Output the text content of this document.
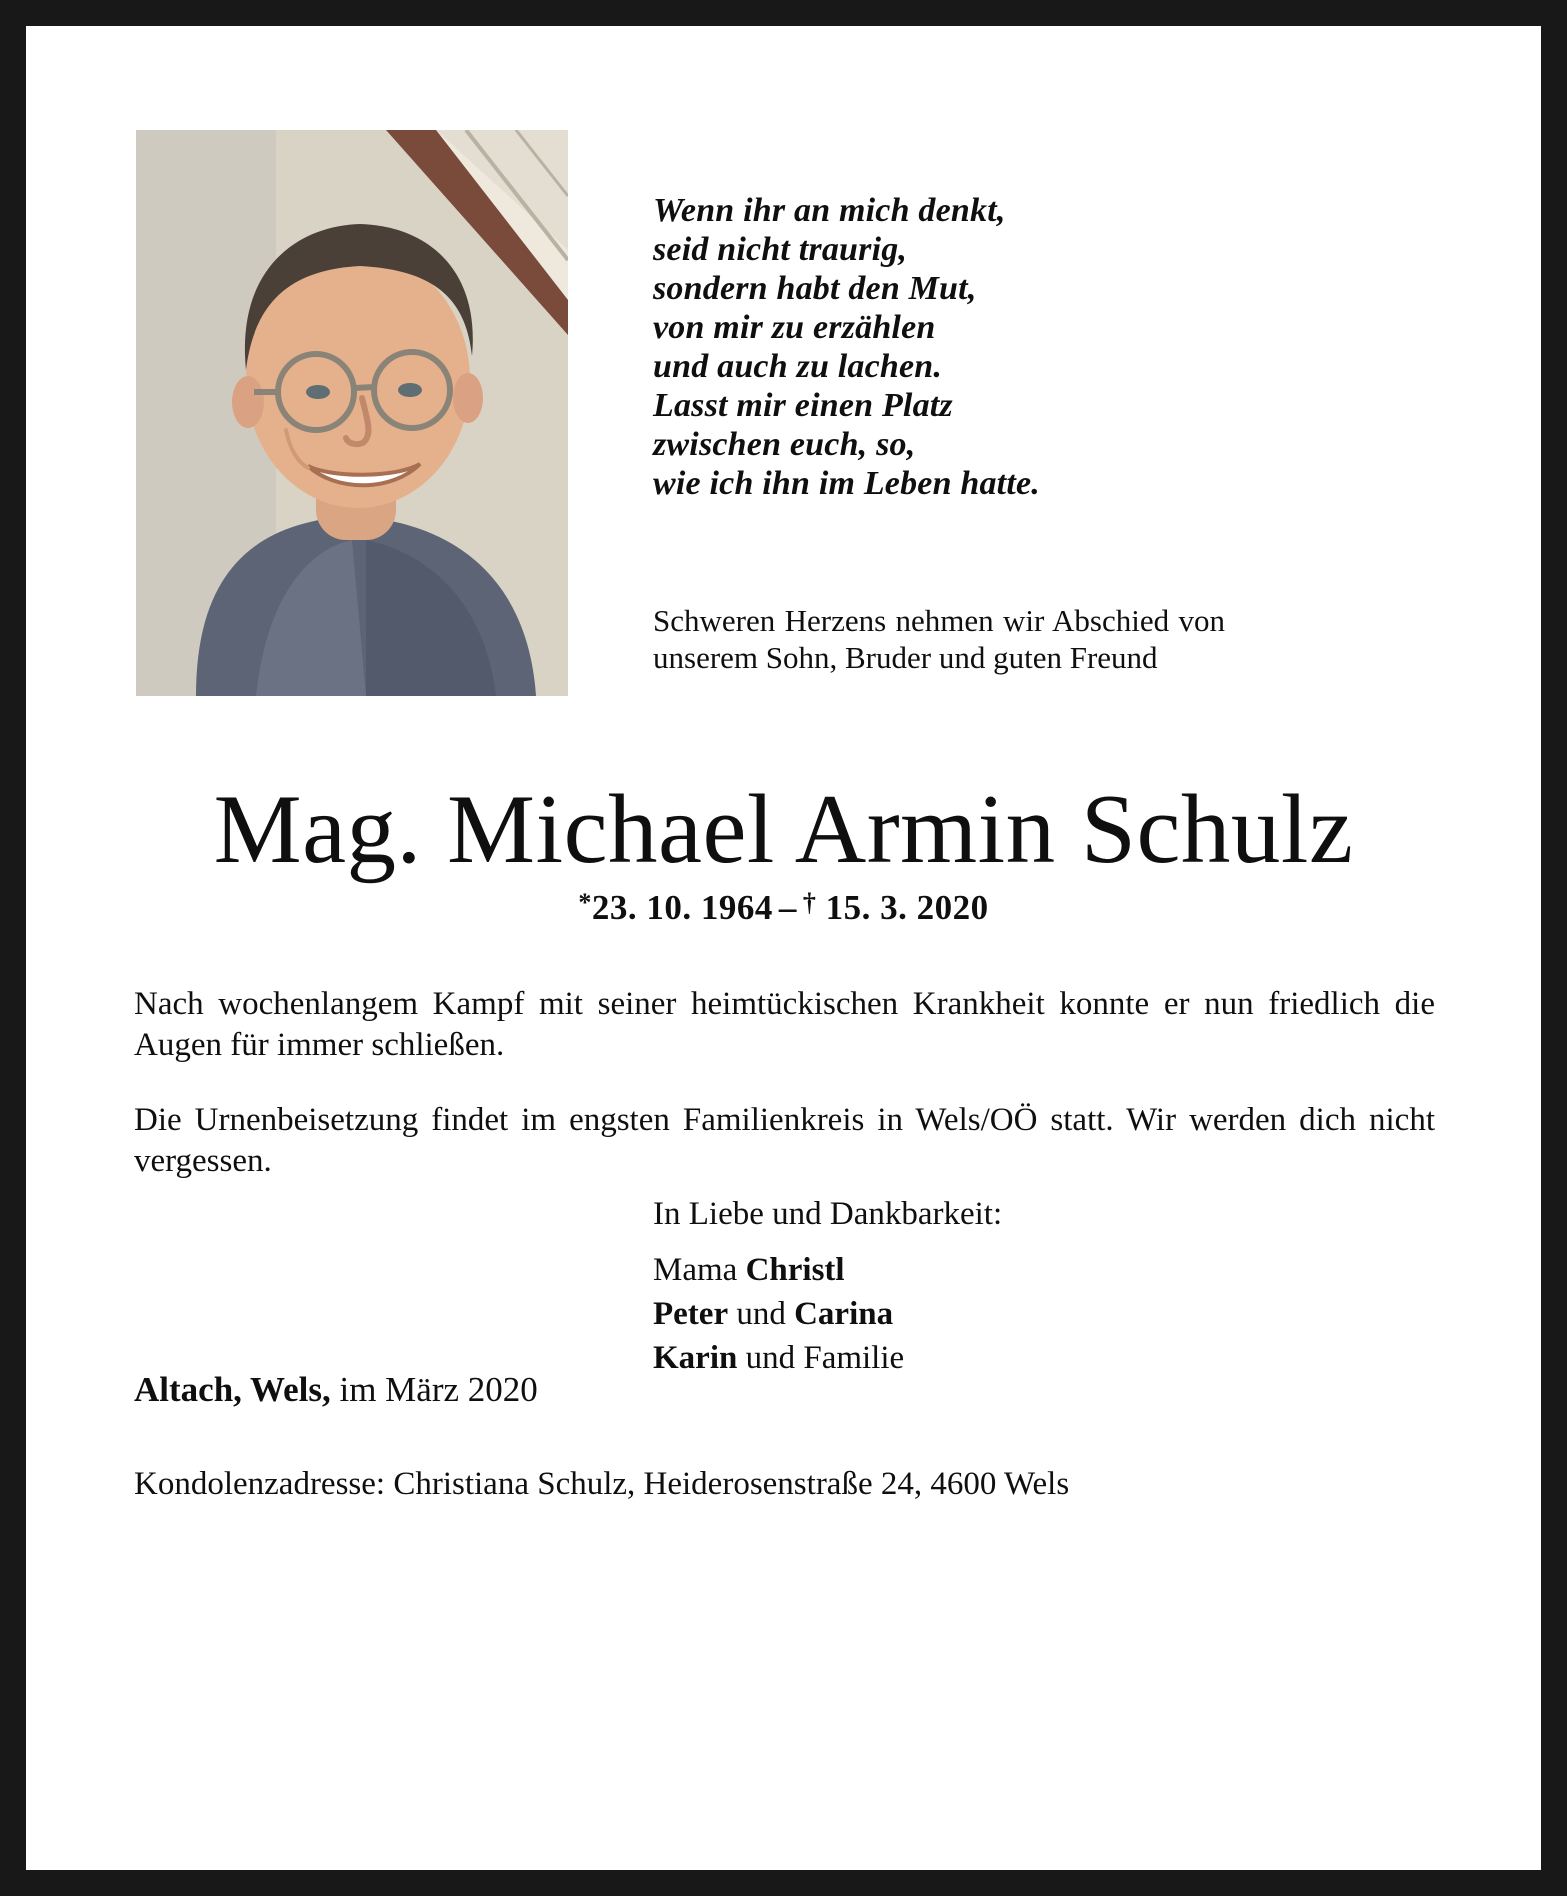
Wenn ihr an mich denkt,
seid nicht traurig,
sondern habt den Mut,
von mir zu erzählen
und auch zu lachen.
Lasst mir einen Platz
zwischen euch, so,
wie ich ihn im Leben hatte.
Schweren Herzens nehmen wir Abschied von unserem Sohn, Bruder und guten Freund
Mag. Michael Armin Schulz
*23. 10. 1964 – † 15. 3. 2020

Nach wochenlangem Kampf mit seiner heimtückischen Krankheit konnte er nun friedlich die Augen für immer schließen.

Die Urnenbeisetzung findet im engsten Familienkreis in Wels/OÖ statt. Wir werden dich nicht vergessen.

In Liebe und Dankbarkeit:
Mama Christl
Peter und Carina
Karin und Familie
Altach, Wels, im März 2020
Kondolenzadresse: Christiana Schulz, Heiderosenstraße 24, 4600 Wels
